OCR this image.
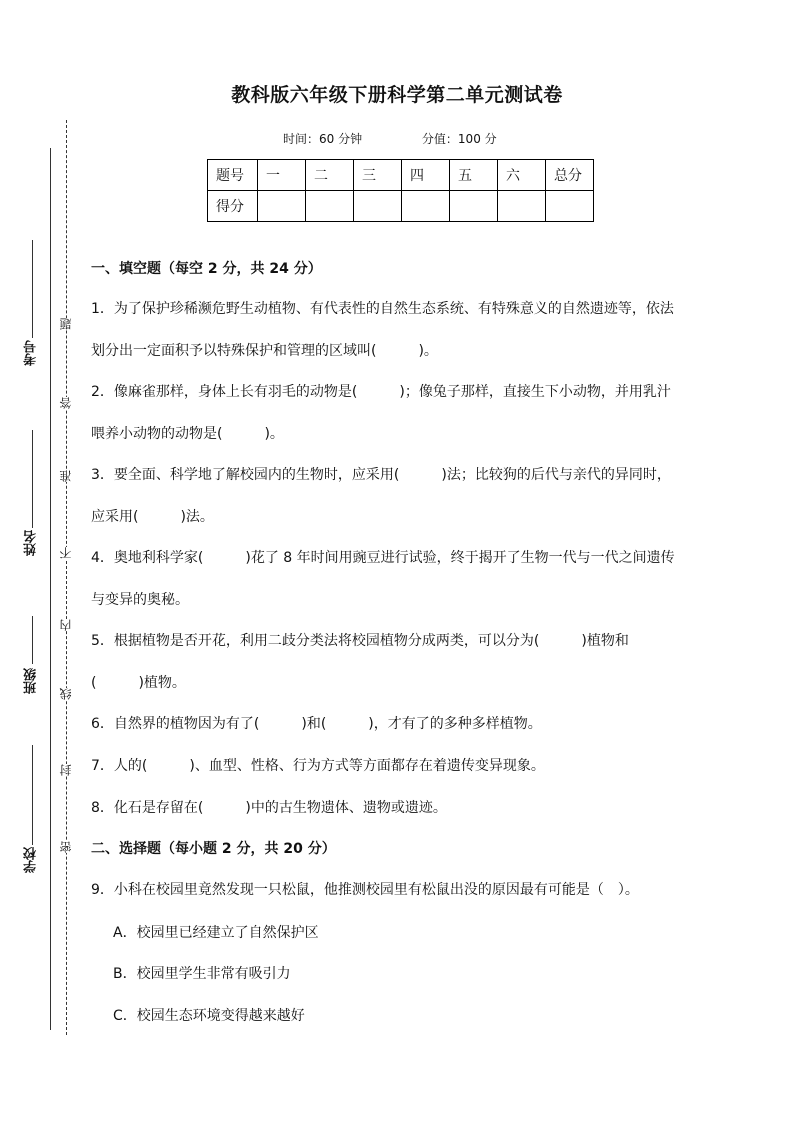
教科版六年级下册科学第二单元测试卷
时间：60 分钟	分值：100 分
题号	一	二	三	四	五	六	总分
得分							
考号
姓名
班级
学校
题
答
准
不
内
线
封
密
一、填空题（每空 2 分，共 24 分）
1．为了保护珍稀濒危野生动植物、有代表性的自然生态系统、有特殊意义的自然遗迹等，依法
划分出一定面积予以特殊保护和管理的区域叫(　　　)。
2．像麻雀那样，身体上长有羽毛的动物是(　　　)；像兔子那样，直接生下小动物，并用乳汁
喂养小动物的动物是(　　　)。
3．要全面、科学地了解校园内的生物时，应采用(　　　)法；比较狗的后代与亲代的异同时，
应采用(　　　)法。
4．奥地利科学家(　　　)花了 8 年时间用豌豆进行试验，终于揭开了生物一代与一代之间遗传
与变异的奥秘。
5．根据植物是否开花，利用二歧分类法将校园植物分成两类，可以分为(　　　)植物和
(　　　)植物。
6．自然界的植物因为有了(　　　)和(　　　)，才有了的多种多样植物。
7．人的(　　　)、血型、性格、行为方式等方面都存在着遗传变异现象。
8．化石是存留在(　　　)中的古生物遗体、遗物或遗迹。
二、选择题（每小题 2 分，共 20 分）
9．小科在校园里竟然发现一只松鼠，他推测校园里有松鼠出没的原因最有可能是（　）。
A．校园里已经建立了自然保护区
B．校园里学生非常有吸引力
C．校园生态环境变得越来越好
